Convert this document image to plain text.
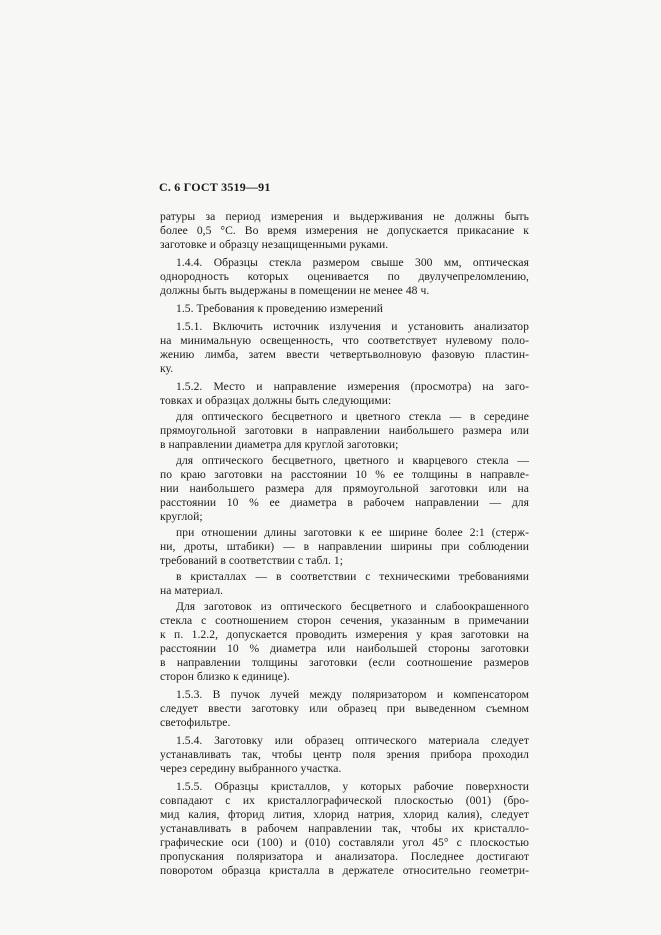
С. 6 ГОСТ 3519—91
ратуры за период измерения и выдерживания не должны быть
более 0,5 °С. Во время измерения не допускается прикасание к
заготовке и образцу незащищенными руками.
1.4.4. Образцы стекла размером свыше 300 мм, оптическая
однородность которых оценивается по двулучепреломлению,
должны быть выдержаны в помещении не менее 48 ч.
1.5. Требования к проведению измерений
1.5.1. Включить источник излучения и установить анализатор
на минимальную освещенность, что соответствует нулевому поло-
жению лимба, затем ввести четвертьволновую фазовую пластин-
ку.
1.5.2. Место и направление измерения (просмотра) на заго-
товках и образцах должны быть следующими:
для оптического бесцветного и цветного стекла — в середине
прямоугольной заготовки в направлении наибольшего размера или
в направлении диаметра для круглой заготовки;
для оптического бесцветного, цветного и кварцевого стекла —
по краю заготовки на расстоянии 10 % ее толщины в направле-
нии наибольшего размера для прямоугольной заготовки или на
расстоянии 10 % ее диаметра в рабочем направлении — для
круглой;
при отношении длины заготовки к ее ширине более 2:1 (стерж-
ни, дроты, штабики) — в направлении ширины при соблюдении
требований в соответствии с табл. 1;
в кристаллах — в соответствии с техническими требованиями
на материал.
Для заготовок из оптического бесцветного и слабоокрашенного
стекла с соотношением сторон сечения, указанным в примечании
к п. 1.2.2, допускается проводить измерения у края заготовки на
расстоянии 10 % диаметра или наибольшей стороны заготовки
в направлении толщины заготовки (если соотношение размеров
сторон близко к единице).
1.5.3. В пучок лучей между поляризатором и компенсатором
следует ввести заготовку или образец при выведенном съемном
светофильтре.
1.5.4. Заготовку или образец оптического материала следует
устанавливать так, чтобы центр поля зрения прибора проходил
через середину выбранного участка.
1.5.5. Образцы кристаллов, у которых рабочие поверхности
совпадают с их кристаллографической плоскостью (001) (бро-
мид калия, фторид лития, хлорид натрия, хлорид калия), следует
устанавливать в рабочем направлении так, чтобы их кристалло-
графические оси (100) и (010) составляли угол 45° с плоскостью
пропускания поляризатора и анализатора. Последнее достигают
поворотом образца кристалла в держателе относительно геометри-
